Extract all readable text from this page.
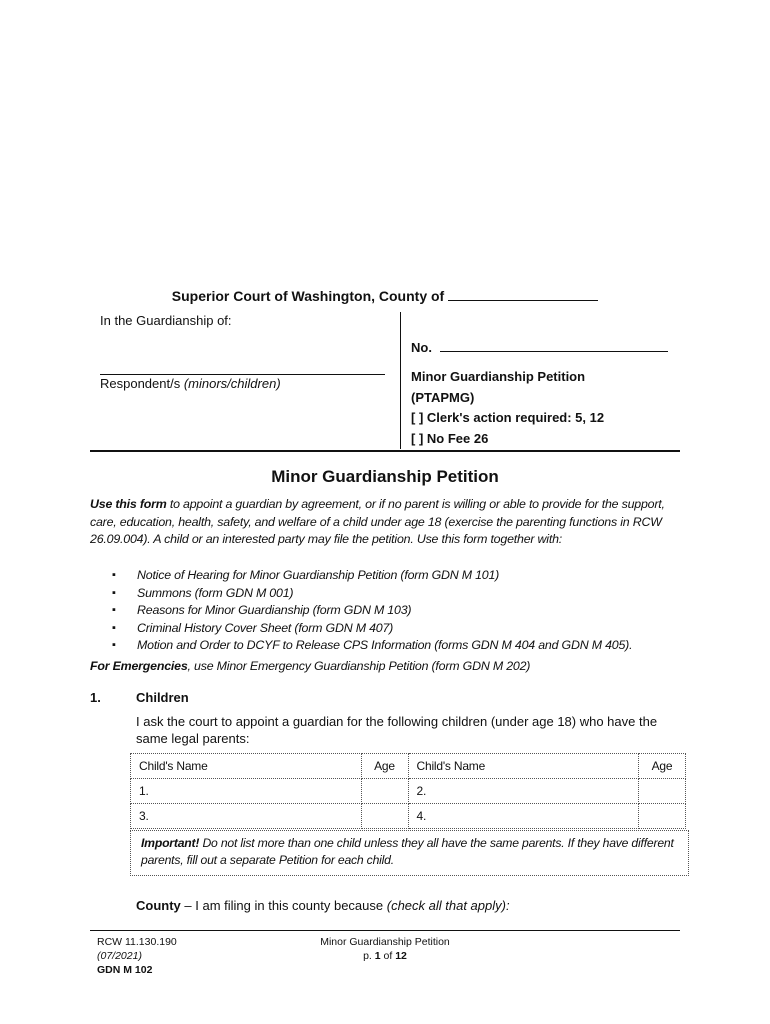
Superior Court of Washington, County of
In the Guardianship of:
Respondent/s (minors/children)
No.
Minor Guardianship Petition
(PTAPMG)
[ ] Clerk's action required: 5, 12
[ ] No Fee 26
Minor Guardianship Petition
Use this form to appoint a guardian by agreement, or if no parent is willing or able to provide for the support, care, education, health, safety, and welfare of a child under age 18 (exercise the parenting functions in RCW 26.09.004). A child or an interested party may file the petition. Use this form together with:
▪ Notice of Hearing for Minor Guardianship Petition (form GDN M 101)
▪ Summons (form GDN M 001)
▪ Reasons for Minor Guardianship (form GDN M 103)
▪ Criminal History Cover Sheet (form GDN M 407)
▪ Motion and Order to DCYF to Release CPS Information (forms GDN M 404 and GDN M 405).
For Emergencies, use Minor Emergency Guardianship Petition (form GDN M 202)
1.	Children
I ask the court to appoint a guardian for the following children (under age 18) who have the same legal parents:
Child's Name	Age	Child's Name	Age
1.		2.	
3.		4.	
Important! Do not list more than one child unless they all have the same parents. If they have different parents, fill out a separate Petition for each child.
County – I am filing in this county because (check all that apply):
RCW 11.130.190
(07/2021)
GDN M 102
Minor Guardianship Petition
p. 1 of 12
